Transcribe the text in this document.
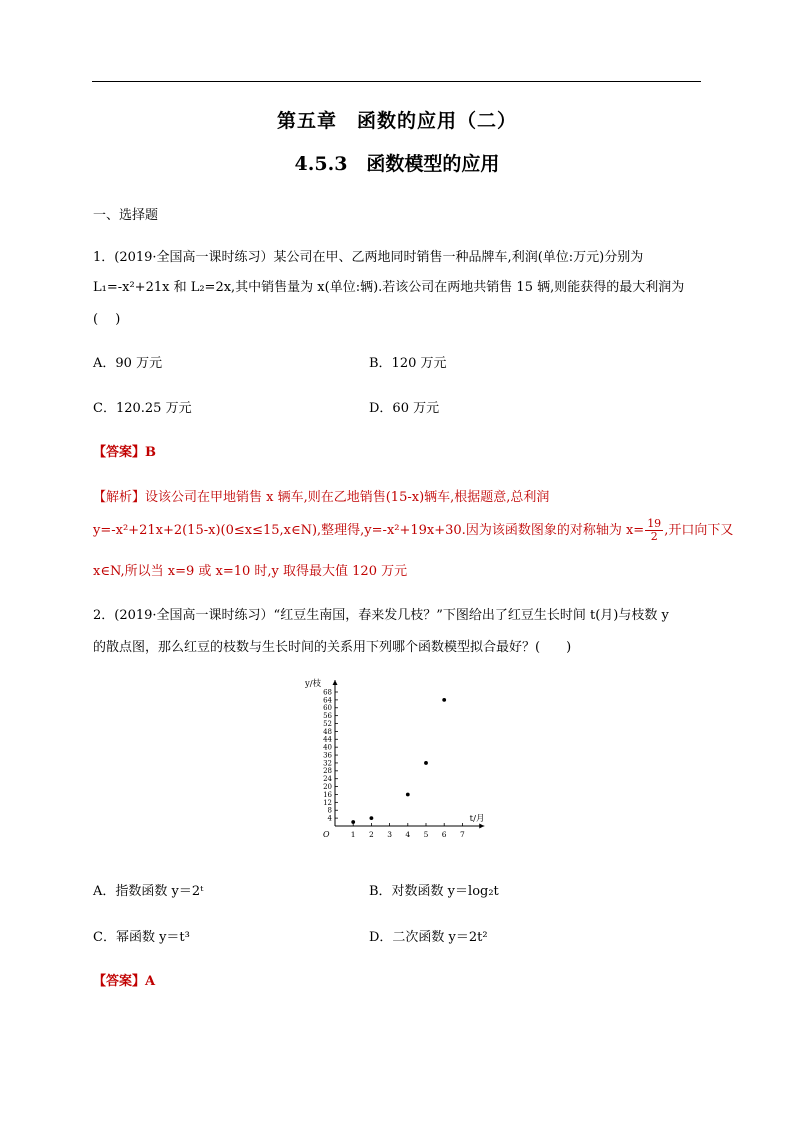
第五章　函数的应用（二）
4.5.3　函数模型的应用
一、选择题
1．(2019·全国高一课时练习）某公司在甲、乙两地同时销售一种品牌车,利润(单位:万元)分别为
L₁=-x²+21x 和 L₂=2x,其中销售量为 x(单位:辆).若该公司在两地共销售 15 辆,则能获得的最大利润为
(　 )
A．90 万元	B．120 万元
C．120.25 万元	D．60 万元
【答案】B
【解析】设该公司在甲地销售 x 辆车,则在乙地销售(15-x)辆车,根据题意,总利润
y=-x²+21x+2(15-x)(0≤x≤15,x∈N),整理得,y=-x²+19x+30.因为该函数图象的对称轴为 $x= \frac{19}{2}$ ,开口向下又
x∈N,所以当 x=9 或 x=10 时,y 取得最大值 120 万元
2．(2019·全国高一课时练习）“红豆生南国，春来发几枝？”下图给出了红豆生长时间 t(月)与枝数 y
的散点图，那么红豆的枝数与生长时间的关系用下列哪个函数模型拟合最好？(　　)
4
8
12
16
20
24
28
32
36
40
44
48
52
56
60
64
68
1 2 3 4 5 6 7
O
y/枝
t/月
A．指数函数 y＝2ᵗ	B．对数函数 y＝log₂t
C．幂函数 y＝t³	D．二次函数 y＝2t²
【答案】A
